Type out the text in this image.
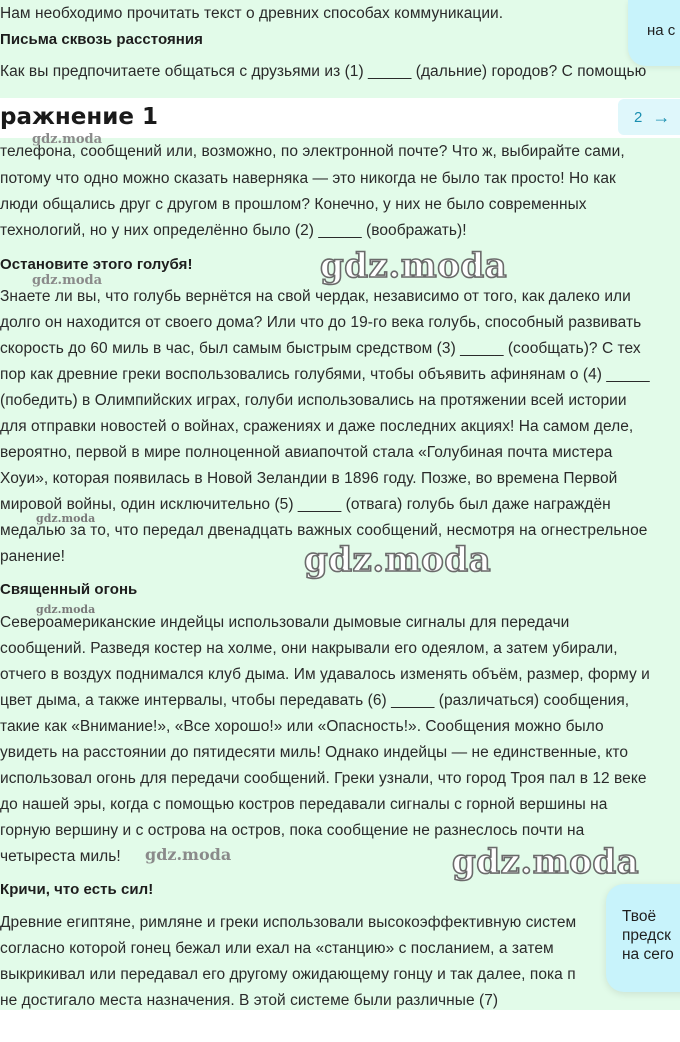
Нам необходимо прочитать текст о древних способах коммуникации.
Письма сквозь расстояния
Как вы предпочитаете общаться с друзьями из (1) _____ (дальние) городов? С помощью
телефона, сообщений или, возможно, по электронной почте? Что ж, выбирайте сами,
потому что одно можно сказать наверняка — это никогда не было так просто! Но как
люди общались друг с другом в прошлом? Конечно, у них не было современных
технологий, но у них определённо было (2) _____ (воображать)!
Остановите этого голубя!
Знаете ли вы, что голубь вернётся на свой чердак, независимо от того, как далеко или
долго он находится от своего дома? Или что до 19-го века голубь, способный развивать
скорость до 60 миль в час, был самым быстрым средством (3) _____ (сообщать)? С тех
пор как древние греки воспользовались голубями, чтобы объявить афинянам о (4) _____
(победить) в Олимпийских играх, голуби использовались на протяжении всей истории
для отправки новостей о войнах, сражениях и даже последних акциях! На самом деле,
вероятно, первой в мире полноценной авиапочтой стала «Голубиная почта мистера
Хоуи», которая появилась в Новой Зеландии в 1896 году. Позже, во времена Первой
мировой войны, один исключительно (5) _____ (отвага) голубь был даже награждён
медалью за то, что передал двенадцать важных сообщений, несмотря на огнестрельное
ранение!
Священный огонь
Североамериканские индейцы использовали дымовые сигналы для передачи
сообщений. Разведя костер на холме, они накрывали его одеялом, а затем убирали,
отчего в воздух поднимался клуб дыма. Им удавалось изменять объём, размер, форму и
цвет дыма, а также интервалы, чтобы передавать (6) _____ (различаться) сообщения,
такие как «Внимание!», «Все хорошо!» или «Опасность!». Сообщения можно было
увидеть на расстоянии до пятидесяти миль! Однако индейцы — не единственные, кто
использовал огонь для передачи сообщений. Греки узнали, что город Троя пал в 12 веке
до нашей эры, когда с помощью костров передавали сигналы с горной вершины на
горную вершину и с острова на остров, пока сообщение не разнеслось почти на
четыреста миль!
Кричи, что есть сил!
Древние египтяне, римляне и греки использовали высокоэффективную систем
согласно которой гонец бежал или ехал на «станцию» с посланием, а затем
выкрикивал или передавал его другому ожидающему гонцу и так далее, пока п
не достигало места назначения. В этой системе были различные (7)
ражнение 1	2 →
gdz.moda
gdz.moda	gdz.moda
gdz.moda
gdz.moda
gdz.moda
gdz.moda	gdz.moda
на с
Твоё
предск
на сего
